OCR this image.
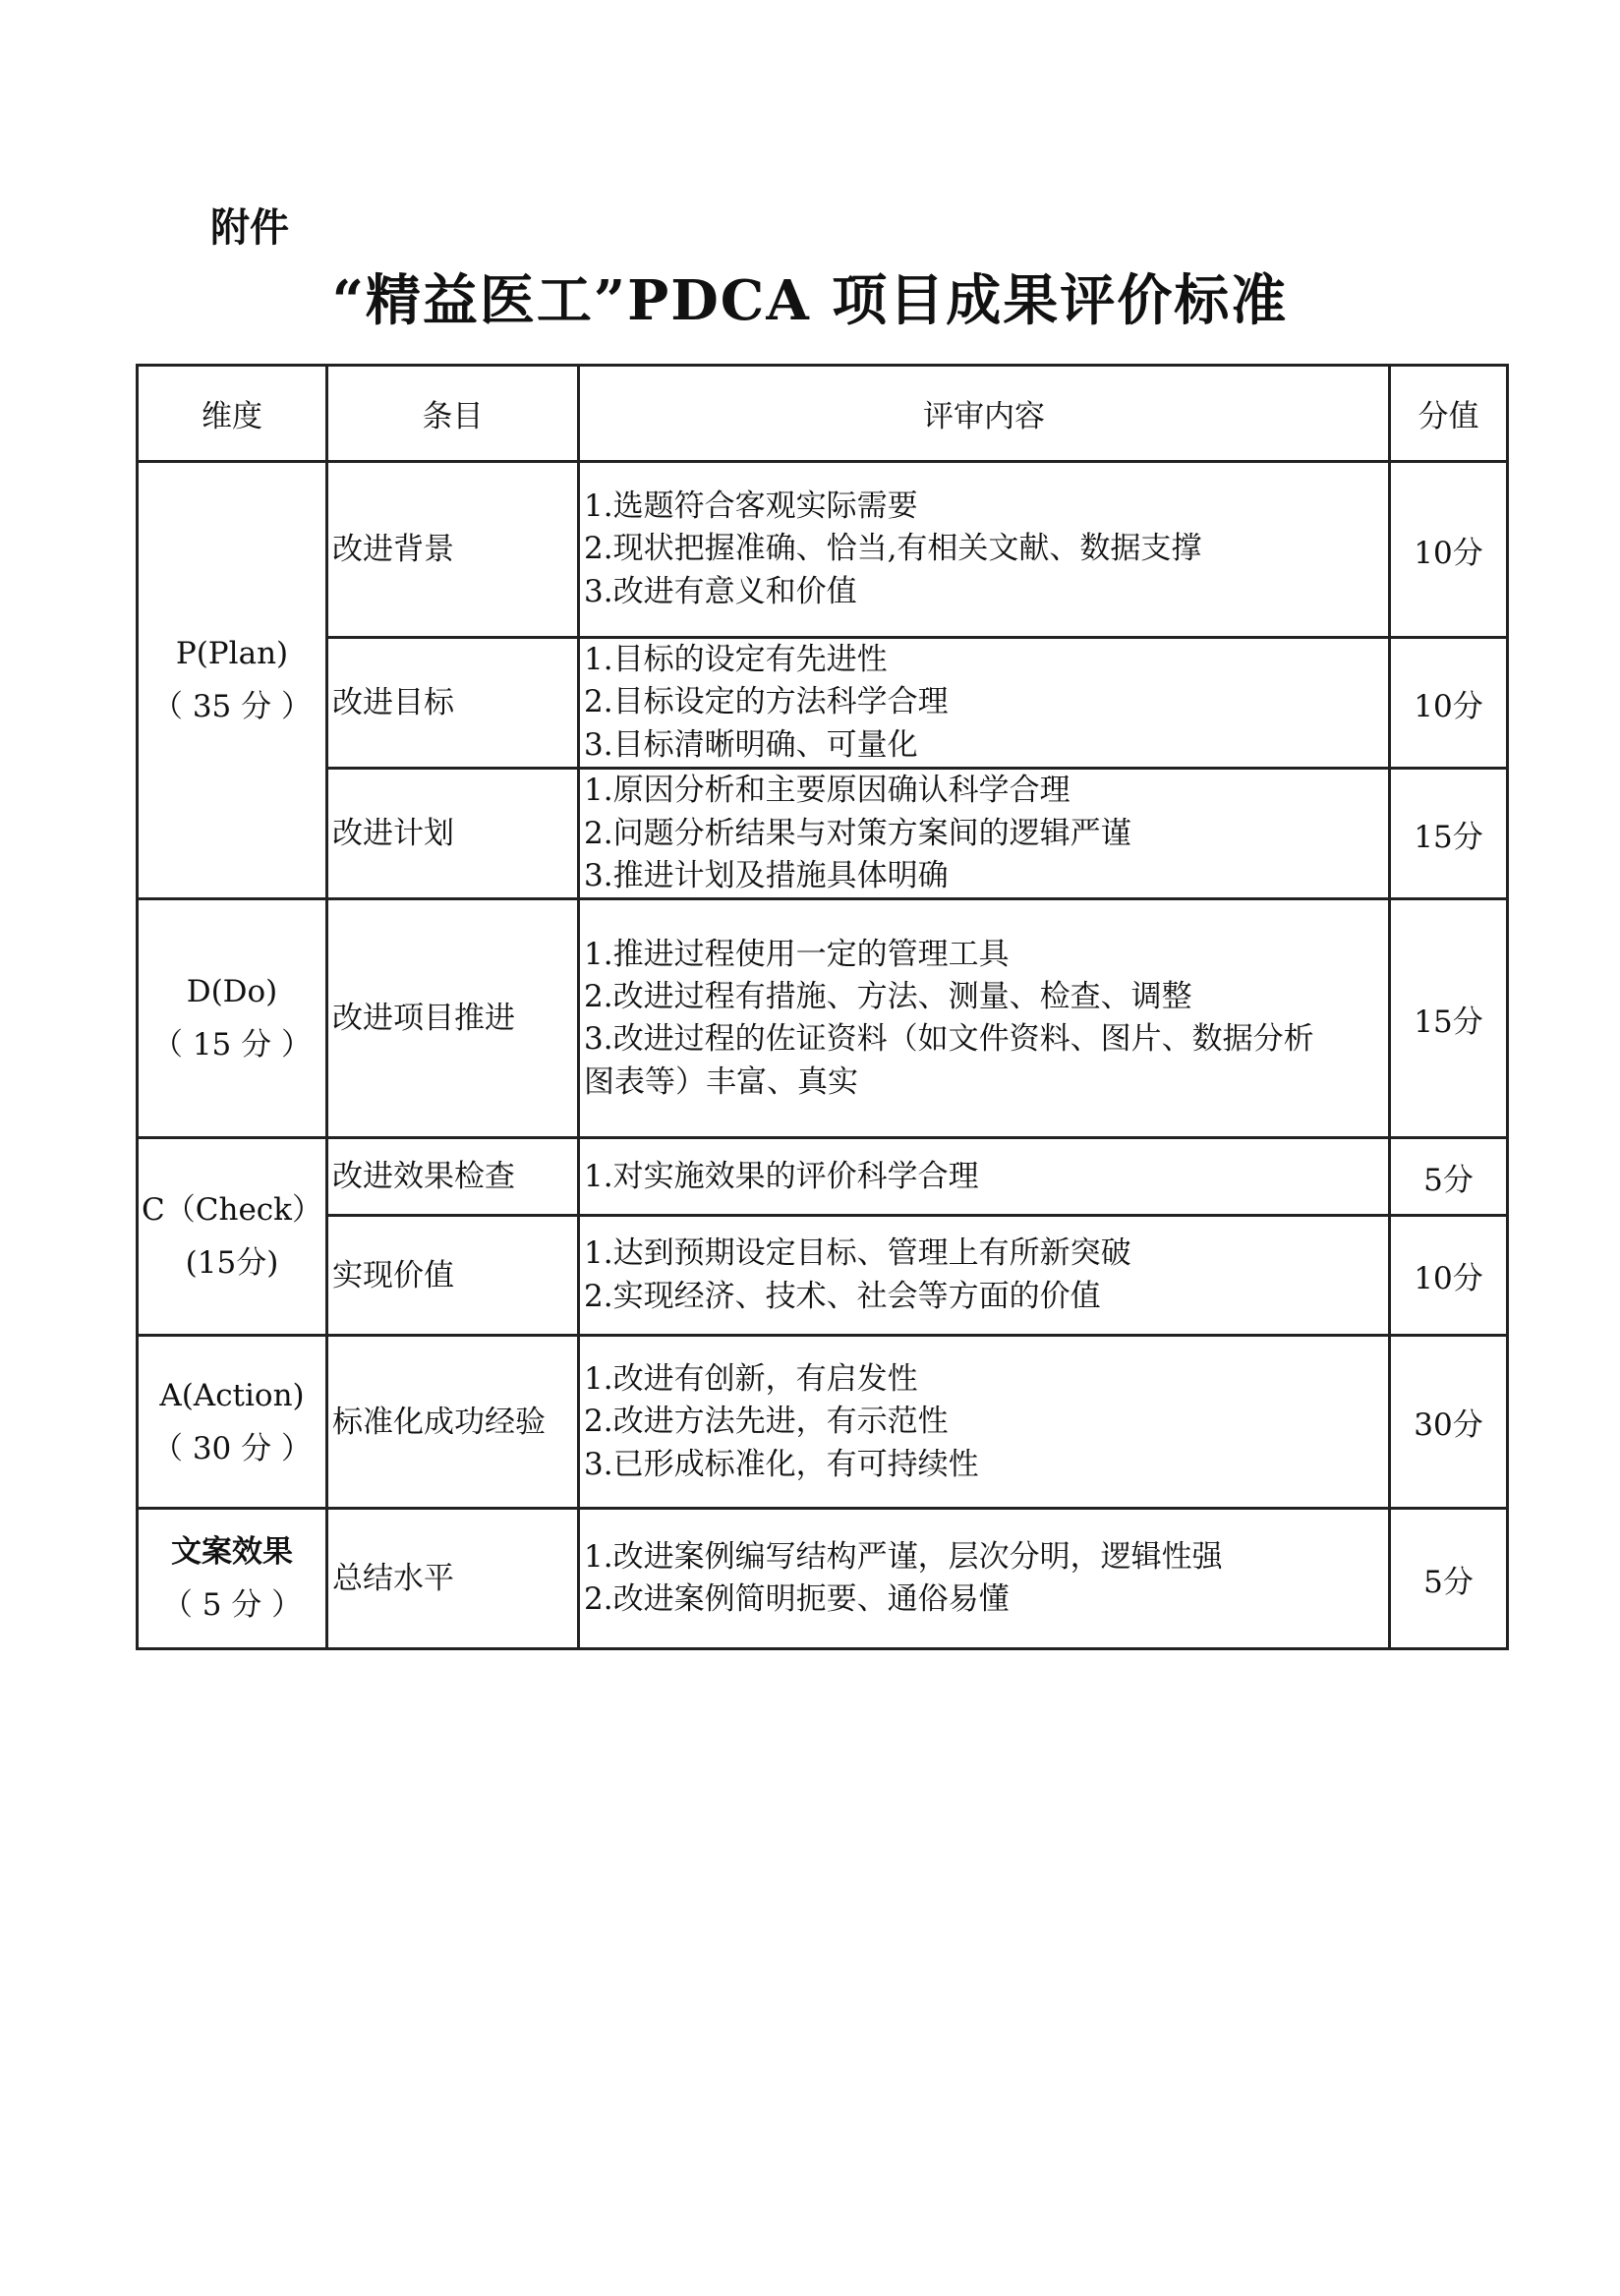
附件
“精益医工”PDCA 项目成果评价标准
维度	条目	评审内容	分值

P(Plan)
（ 35 分 ）	改进背景	1.选题符合客观实际需要
2.现状把握准确、恰当,有相关文献、数据支撑
3.改进有意义和价值	10分
	改进目标	1.目标的设定有先进性
2.目标设定的方法科学合理
3.目标清晰明确、可量化	10分
	改进计划	1.原因分析和主要原因确认科学合理
2.问题分析结果与对策方案间的逻辑严谨
3.推进计划及措施具体明确	15分

D(Do)
（ 15 分 ）	改进项目推进	1.推进过程使用一定的管理工具
2.改进过程有措施、方法、测量、检查、调整
3.改进过程的佐证资料（如文件资料、图片、数据分析
图表等）丰富、真实	15分

C（Check）
(15分)	改进效果检查	1.对实施效果的评价科学合理	5分
	实现价值	1.达到预期设定目标、管理上有所新突破
2.实现经济、技术、社会等方面的价值	10分

A(Action)
（ 30 分 ）	标准化成功经验	1.改进有创新，有启发性
2.改进方法先进，有示范性
3.已形成标准化，有可持续性	30分

文案效果
（ 5 分 ）	总结水平	1.改进案例编写结构严谨，层次分明，逻辑性强
2.改进案例简明扼要、通俗易懂	5分
